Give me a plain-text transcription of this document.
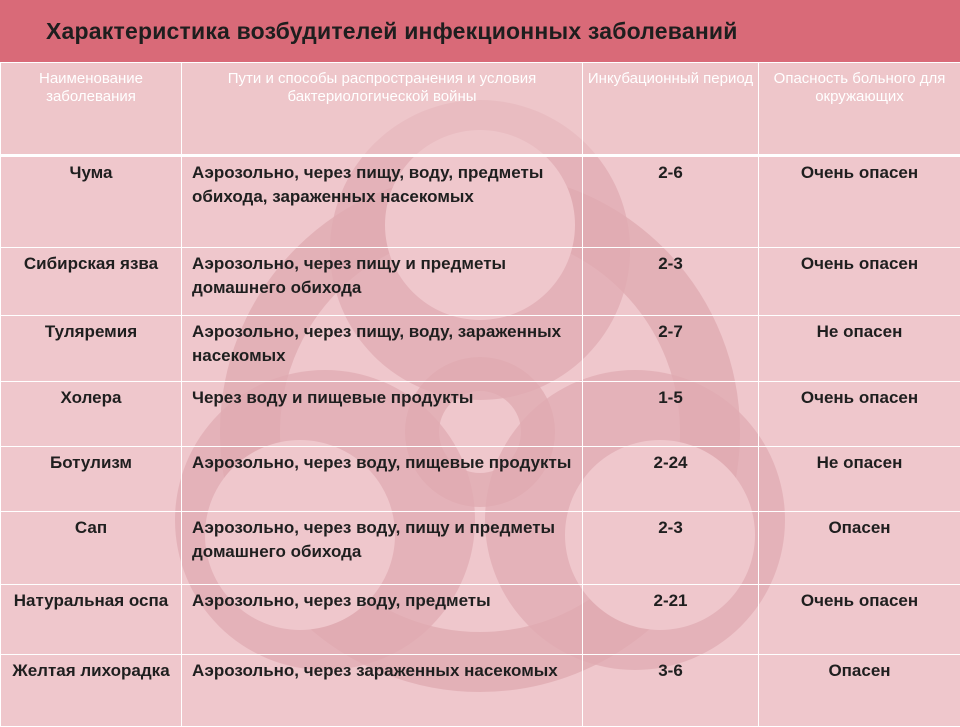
Характеристика возбудителей инфекционных заболеваний
Наименование заболевания	Пути и способы распространения и условия бактериологической войны	Инкубационный период	Опасность больного для окружающих
Чума	Аэрозольно, через пищу, воду, предметы обихода, зараженных насекомых	2-6	Очень опасен
Сибирская язва	Аэрозольно, через пищу и предметы домашнего обихода	2-3	Очень опасен
Туляремия	Аэрозольно, через пищу, воду, зараженных насекомых	2-7	Не опасен
Холера	Через воду и пищевые продукты	1-5	Очень опасен
Ботулизм	Аэрозольно, через воду, пищевые продукты	2-24	Не опасен
Сап	Аэрозольно, через воду, пищу и предметы домашнего обихода	2-3	Опасен
Натуральная оспа	Аэрозольно, через воду, предметы	2-21	Очень опасен
Желтая лихорадка	Аэрозольно, через зараженных насекомых	3-6	Опасен
